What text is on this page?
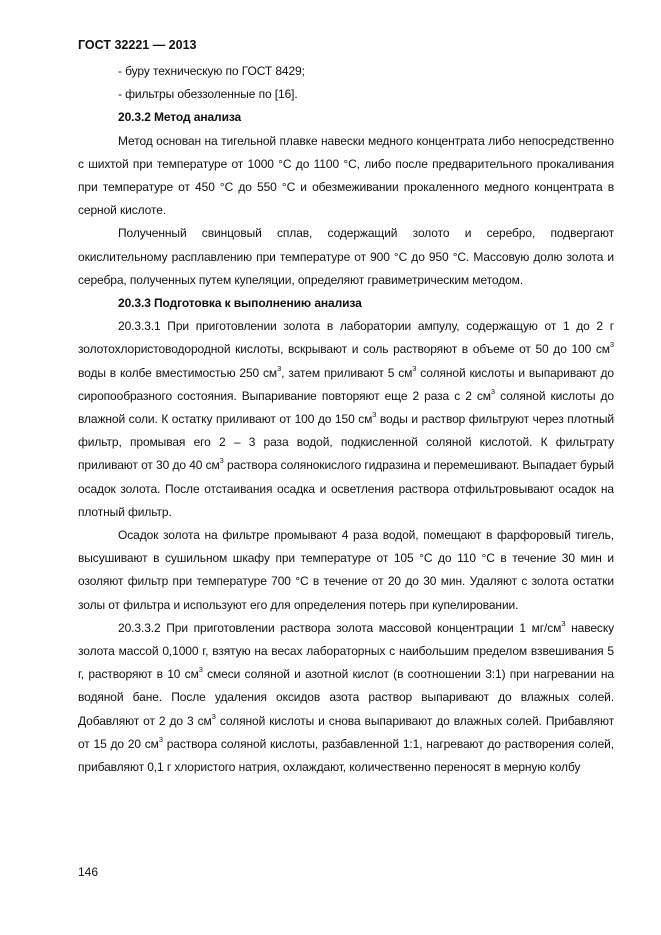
ГОСТ 32221 — 2013

- буру техническую по ГОСТ 8429;

- фильтры обеззоленные по [16].

20.3.2 Метод анализа

Метод основан на тигельной плавке навески медного концентрата либо непосредственно с шихтой при температуре от 1000 °С до 1100 °С, либо после предварительного прокаливания при температуре от 450 °С до 550 °С и обезмеживании прокаленного медного концентрата в серной кислоте.

Полученный свинцовый сплав, содержащий золото и серебро, подвергают окислительному расплавлению при температуре от 900 °С до 950 °С. Массовую долю золота и серебра, полученных путем купеляции, определяют гравиметрическим методом.

20.3.3 Подготовка к выполнению анализа

20.3.3.1 При приготовлении золота в лаборатории ампулу, содержащую от 1 до 2 г золотохлористоводородной кислоты, вскрывают и соль растворяют в объеме от 50 до 100 $см^3$ воды в колбе вместимостью 250 $см^3$, затем приливают 5 $см^3$ соляной кислоты и выпаривают до сиропообразного состояния. Выпаривание повторяют еще 2 раза с 2 $см^3$ соляной кислоты до влажной соли. К остатку приливают от 100 до 150 $см^3$ воды и раствор фильтруют через плотный фильтр, промывая его 2 – 3 раза водой, подкисленной соляной кислотой. К фильтрату приливают от 30 до 40 $см^3$ раствора солянокислого гидразина и перемешивают. Выпадает бурый осадок золота. После отстаивания осадка и осветления раствора отфильтровывают осадок на плотный фильтр.

Осадок золота на фильтре промывают 4 раза водой, помещают в фарфоровый тигель, высушивают в сушильном шкафу при температуре от 105 °С до 110 °С в течение 30 мин и озоляют фильтр при температуре 700 °С в течение от 20 до 30 мин. Удаляют с золота остатки золы от фильтра и используют его для определения потерь при купелировании.

20.3.3.2 При приготовлении раствора золота массовой концентрации 1 $мг/см^3$ навеску золота массой 0,1000 г, взятую на весах лабораторных с наибольшим пределом взвешивания 5 г, растворяют в 10 $см^3$ смеси соляной и азотной кислот (в соотношении 3:1) при нагревании на водяной бане. После удаления оксидов азота раствор выпаривают до влажных солей. Добавляют от 2 до 3 $см^3$ соляной кислоты и снова выпаривают до влажных солей. Прибавляют от 15 до 20 $см^3$ раствора соляной кислоты, разбавленной 1:1, нагревают до растворения солей, прибавляют 0,1 г хлористого натрия, охлаждают, количественно переносят в мерную колбу

146
